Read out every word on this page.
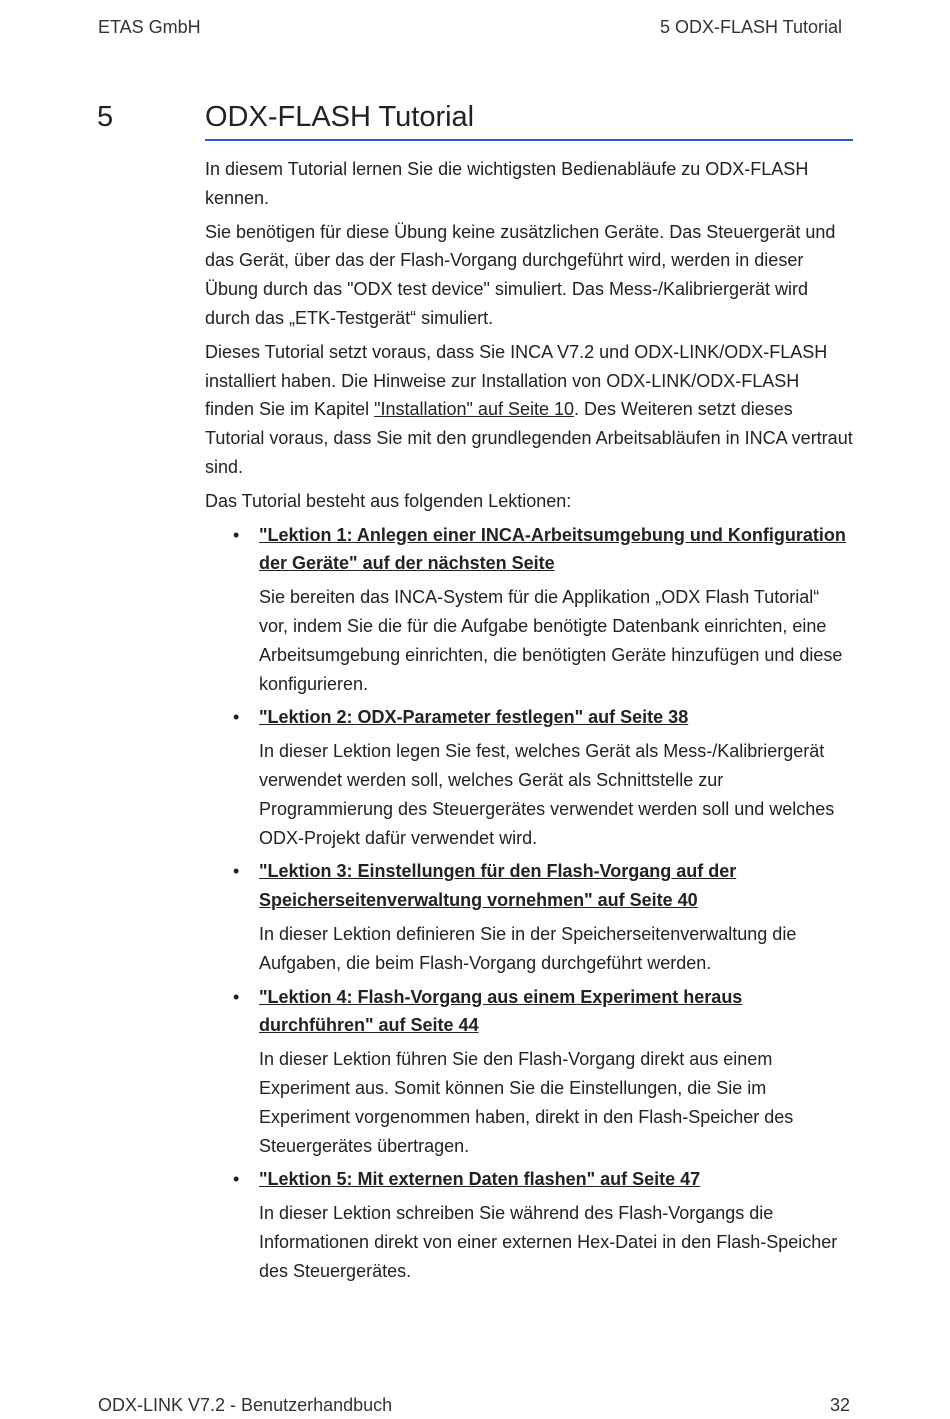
ETAS GmbH	5 ODX-FLASH Tutorial
5	ODX-FLASH Tutorial

In diesem Tutorial lernen Sie die wichtigsten Bedienabläufe zu ODX-FLASH kennen.

Sie benötigen für diese Übung keine zusätzlichen Geräte. Das Steuergerät und das Gerät, über das der Flash-Vorgang durchgeführt wird, werden in dieser Übung durch das "ODX test device" simuliert. Das Mess-/Kalibriergerät wird durch das „ETK-Testgerät“ simuliert.

Dieses Tutorial setzt voraus, dass Sie INCA V7.2 und ODX-LINK/ODX-FLASH installiert haben. Die Hinweise zur Installation von ODX-LINK/ODX-FLASH finden Sie im Kapitel "Installation" auf Seite 10. Des Weiteren setzt dieses Tutorial voraus, dass Sie mit den grundlegenden Arbeitsabläufen in INCA vertraut sind.

Das Tutorial besteht aus folgenden Lektionen:

• "Lektion 1: Anlegen einer INCA-Arbeitsumgebung und Konfiguration der Geräte" auf der nächsten Seite
Sie bereiten das INCA-System für die Applikation „ODX Flash Tutorial“ vor, indem Sie die für die Aufgabe benötigte Datenbank einrichten, eine Arbeitsumgebung einrichten, die benötigten Geräte hinzufügen und diese konfigurieren.
• "Lektion 2: ODX-Parameter festlegen" auf Seite 38
In dieser Lektion legen Sie fest, welches Gerät als Mess-/Kalibriergerät verwendet werden soll, welches Gerät als Schnittstelle zur Programmierung des Steuergerätes verwendet werden soll und welches ODX-Projekt dafür verwendet wird.
• "Lektion 3: Einstellungen für den Flash-Vorgang auf der Speicherseitenverwaltung vornehmen" auf Seite 40
In dieser Lektion definieren Sie in der Speicherseitenverwaltung die Aufgaben, die beim Flash-Vorgang durchgeführt werden.
• "Lektion 4: Flash-Vorgang aus einem Experiment heraus durchführen" auf Seite 44
In dieser Lektion führen Sie den Flash-Vorgang direkt aus einem Experiment aus. Somit können Sie die Einstellungen, die Sie im Experiment vorgenommen haben, direkt in den Flash-Speicher des Steuergerätes übertragen.
• "Lektion 5: Mit externen Daten flashen" auf Seite 47
In dieser Lektion schreiben Sie während des Flash-Vorgangs die Informationen direkt von einer externen Hex-Datei in den Flash-Speicher des Steuergerätes.
ODX-LINK V7.2 - Benutzerhandbuch	32
